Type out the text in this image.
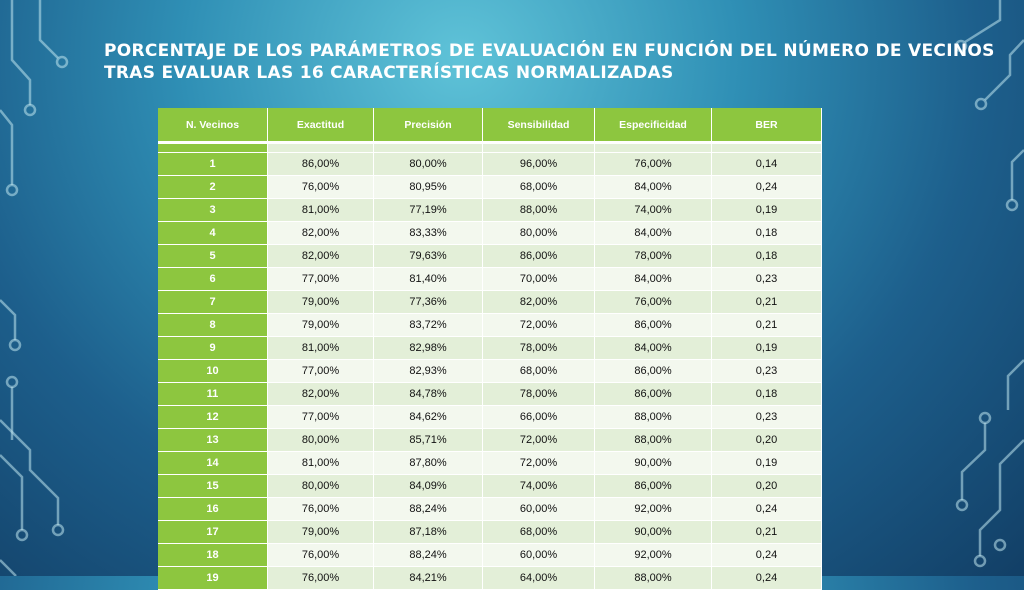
PORCENTAJE DE LOS PARÁMETROS DE EVALUACIÓN EN FUNCIÓN DEL NÚMERO DE VECINOS
TRAS EVALUAR LAS 16 CARACTERÍSTICAS NORMALIZADAS
N. Vecinos	Exactitud	Precisión	Sensibilidad	Especificidad	BER

1	86,00%	80,00%	96,00%	76,00%	0,14
2	76,00%	80,95%	68,00%	84,00%	0,24
3	81,00%	77,19%	88,00%	74,00%	0,19
4	82,00%	83,33%	80,00%	84,00%	0,18
5	82,00%	79,63%	86,00%	78,00%	0,18
6	77,00%	81,40%	70,00%	84,00%	0,23
7	79,00%	77,36%	82,00%	76,00%	0,21
8	79,00%	83,72%	72,00%	86,00%	0,21
9	81,00%	82,98%	78,00%	84,00%	0,19
10	77,00%	82,93%	68,00%	86,00%	0,23
11	82,00%	84,78%	78,00%	86,00%	0,18
12	77,00%	84,62%	66,00%	88,00%	0,23
13	80,00%	85,71%	72,00%	88,00%	0,20
14	81,00%	87,80%	72,00%	90,00%	0,19
15	80,00%	84,09%	74,00%	86,00%	0,20
16	76,00%	88,24%	60,00%	92,00%	0,24
17	79,00%	87,18%	68,00%	90,00%	0,21
18	76,00%	88,24%	60,00%	92,00%	0,24
19	76,00%	84,21%	64,00%	88,00%	0,24
